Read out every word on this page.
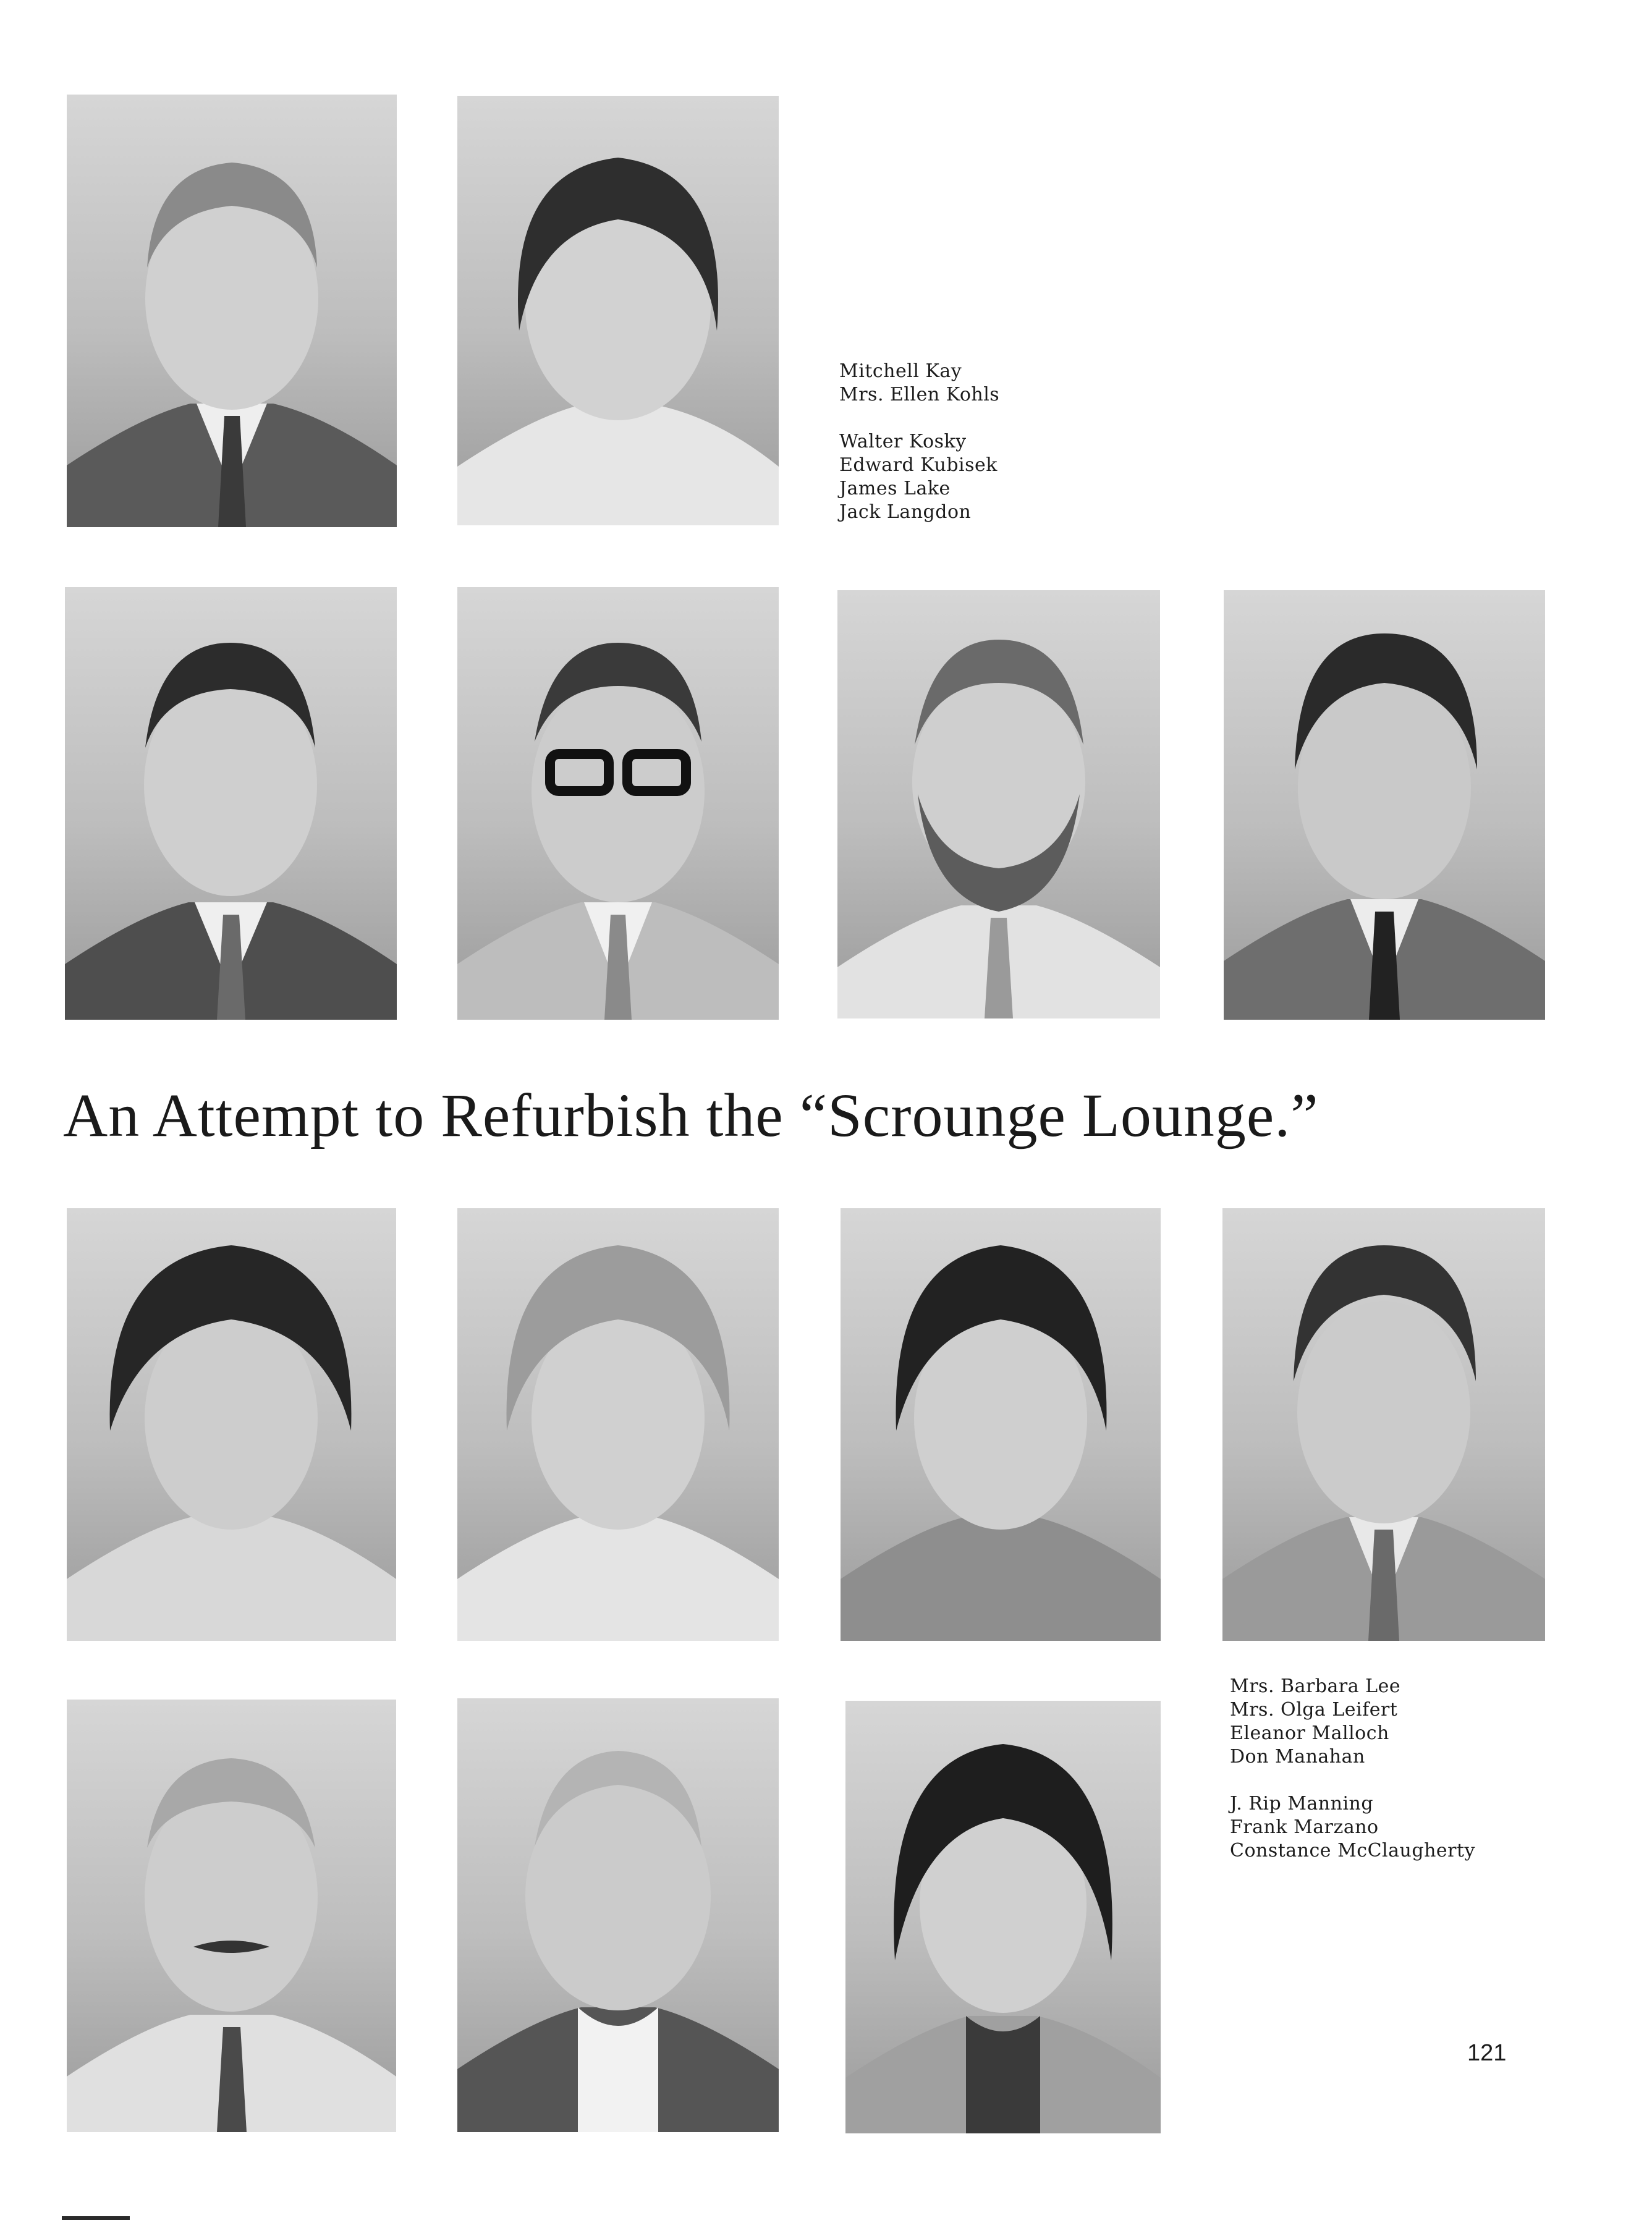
Mitchell Kay
Mrs. Ellen Kohls
Walter Kosky
Edward Kubisek
James Lake
Jack Langdon
An Attempt to Refurbish the “Scrounge Lounge.”
Mrs. Barbara Lee
Mrs. Olga Leifert
Eleanor Malloch
Don Manahan
J. Rip Manning
Frank Marzano
Constance McClaugherty
121
